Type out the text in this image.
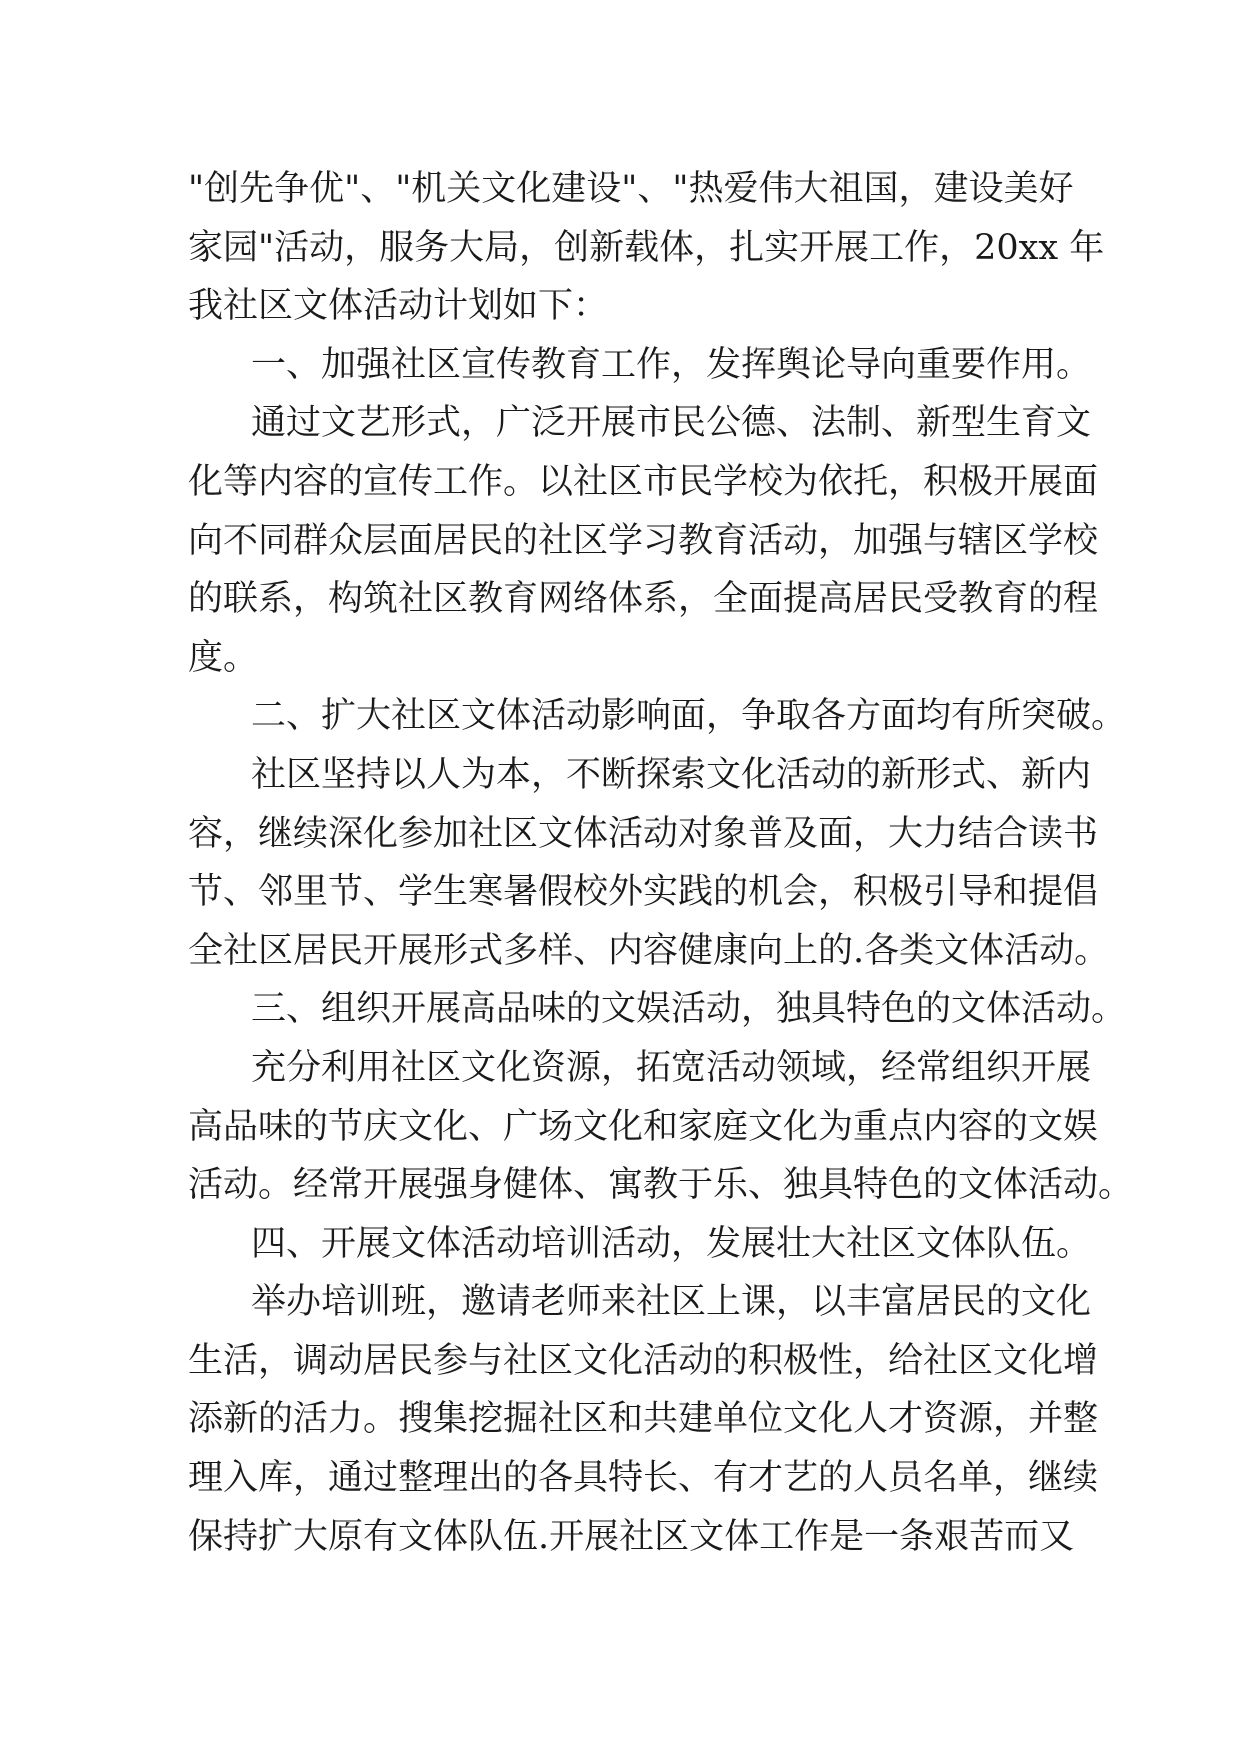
"创先争优"、"机关文化建设"、"热爱伟大祖国，建设美好
家园"活动，服务大局，创新载体，扎实开展工作，20xx 年
我社区文体活动计划如下：
一、加强社区宣传教育工作，发挥舆论导向重要作用。
通过文艺形式，广泛开展市民公德、法制、新型生育文
化等内容的宣传工作。以社区市民学校为依托，积极开展面
向不同群众层面居民的社区学习教育活动，加强与辖区学校
的联系，构筑社区教育网络体系，全面提高居民受教育的程
度。
二、扩大社区文体活动影响面，争取各方面均有所突破。
社区坚持以人为本，不断探索文化活动的新形式、新内
容，继续深化参加社区文体活动对象普及面，大力结合读书
节、邻里节、学生寒暑假校外实践的机会，积极引导和提倡
全社区居民开展形式多样、内容健康向上的.各类文体活动。
三、组织开展高品味的文娱活动，独具特色的文体活动。
充分利用社区文化资源，拓宽活动领域，经常组织开展
高品味的节庆文化、广场文化和家庭文化为重点内容的文娱
活动。经常开展强身健体、寓教于乐、独具特色的文体活动。
四、开展文体活动培训活动，发展壮大社区文体队伍。
举办培训班，邀请老师来社区上课，以丰富居民的文化
生活，调动居民参与社区文化活动的积极性，给社区文化增
添新的活力。搜集挖掘社区和共建单位文化人才资源，并整
理入库，通过整理出的各具特长、有才艺的人员名单，继续
保持扩大原有文体队伍.开展社区文体工作是一条艰苦而又
